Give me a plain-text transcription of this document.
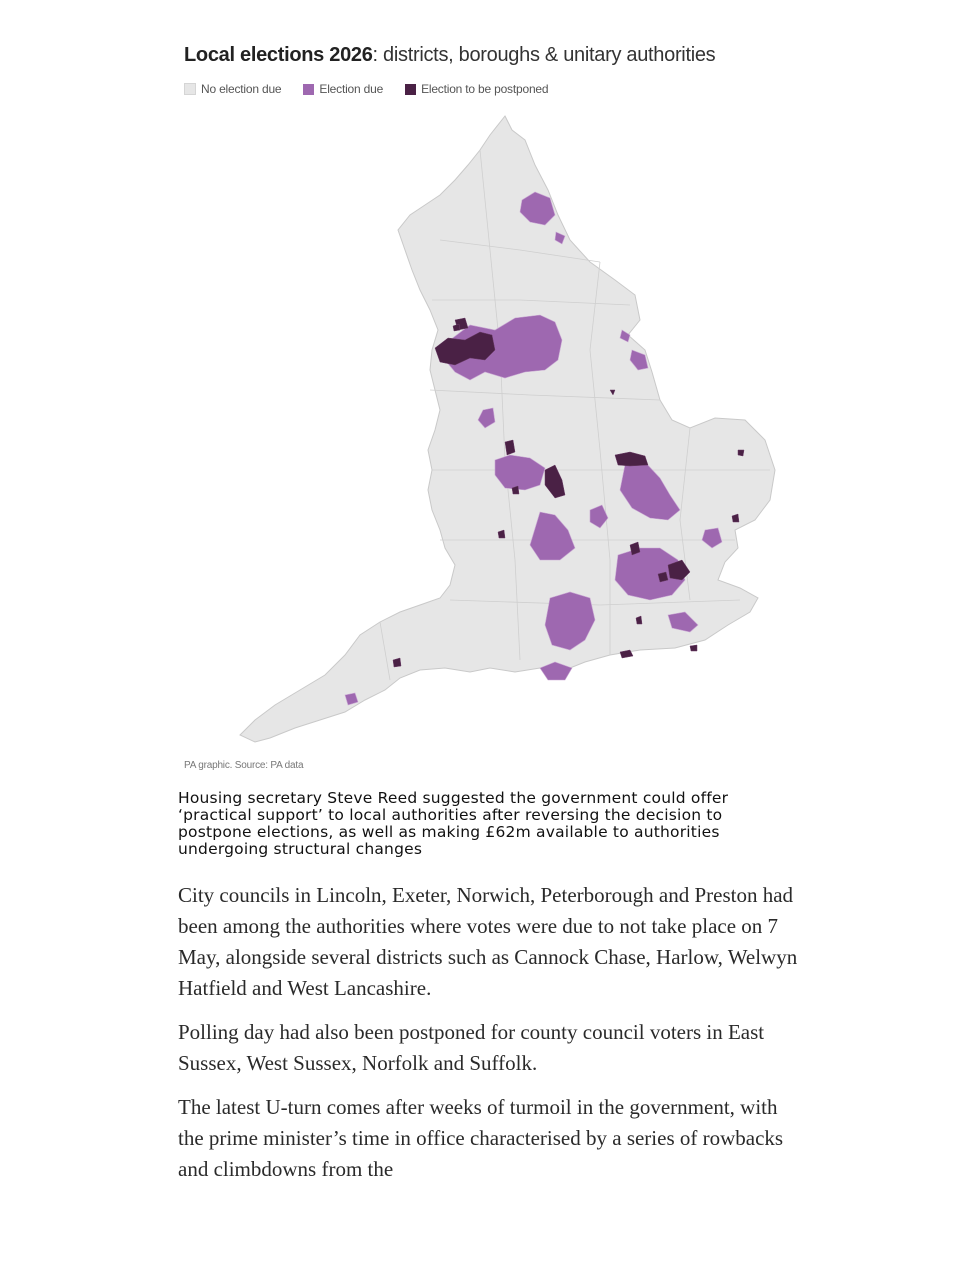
Local elections 2026: districts, boroughs & unitary authorities
No election due	Election due	Election to be postponed
PA graphic. Source: PA data
Housing secretary Steve Reed suggested the government could offer ‘practical support’ to local authorities after reversing the decision to postpone elections, as well as making £62m available to authorities undergoing structural changes

City councils in Lincoln, Exeter, Norwich, Peterborough and Preston had been among the authorities where votes were due to not take place on 7 May, alongside several districts such as Cannock Chase, Harlow, Welwyn Hatfield and West Lancashire.

Polling day had also been postponed for county council voters in East Sussex, West Sussex, Norfolk and Suffolk.

The latest U-turn comes after weeks of turmoil in the government, with the prime minister’s time in office characterised by a series of rowbacks and climbdowns from the
